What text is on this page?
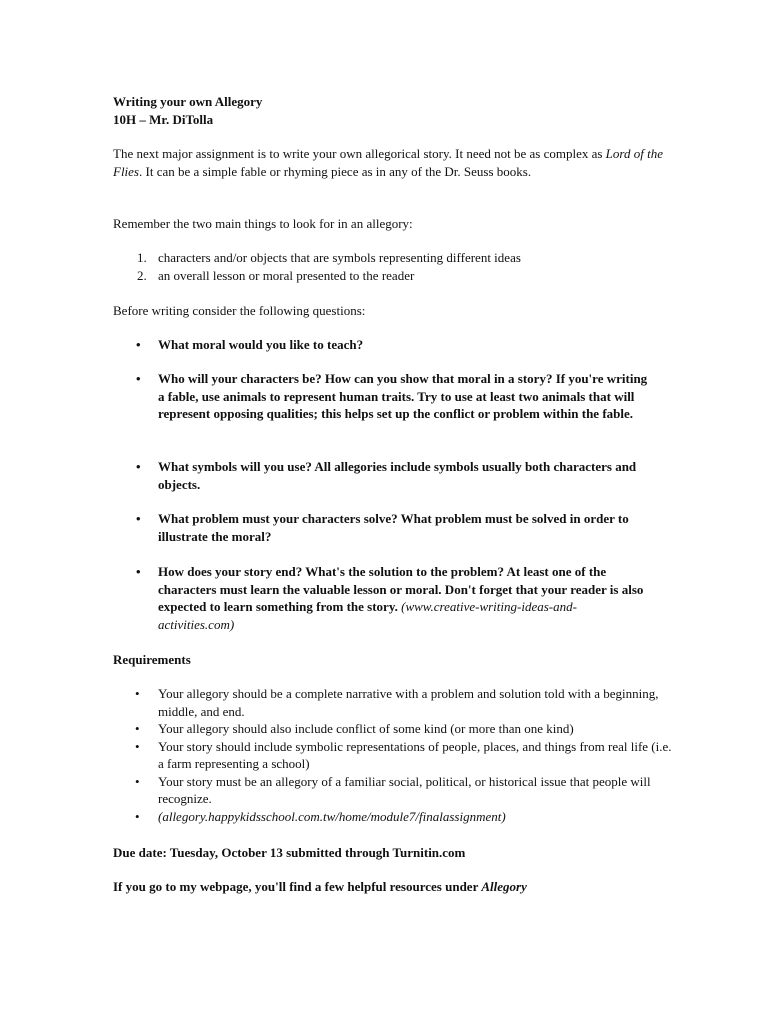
Writing your own Allegory
10H – Mr. DiTolla

The next major assignment is to write your own allegorical story. It need not be as complex as Lord of the Flies. It can be a simple fable or rhyming piece as in any of the Dr. Seuss books.

Remember the two main things to look for in an allegory:
1. characters and/or objects that are symbols representing different ideas
2. an overall lesson or moral presented to the reader
Before writing consider the following questions:
• What moral would you like to teach?
• Who will your characters be? How can you show that moral in a story? If you're writing a fable, use animals to represent human traits. Try to use at least two animals that will represent opposing qualities; this helps set up the conflict or problem within the fable.
• What symbols will you use? All allegories include symbols usually both characters and objects.
• What problem must your characters solve? What problem must be solved in order to illustrate the moral?
• How does your story end? What's the solution to the problem? At least one of the characters must learn the valuable lesson or moral. Don't forget that your reader is also expected to learn something from the story. (www.creative-writing-ideas-and-activities.com)
Requirements
• Your allegory should be a complete narrative with a problem and solution told with a beginning, middle, and end.
• Your allegory should also include conflict of some kind (or more than one kind)
• Your story should include symbolic representations of people, places, and things from real life (i.e. a farm representing a school)
• Your story must be an allegory of a familiar social, political, or historical issue that people will recognize.
• (allegory.happykidsschool.com.tw/home/module7/finalassignment)
Due date: Tuesday, October 13 submitted through Turnitin.com
If you go to my webpage, you'll find a few helpful resources under Allegory
